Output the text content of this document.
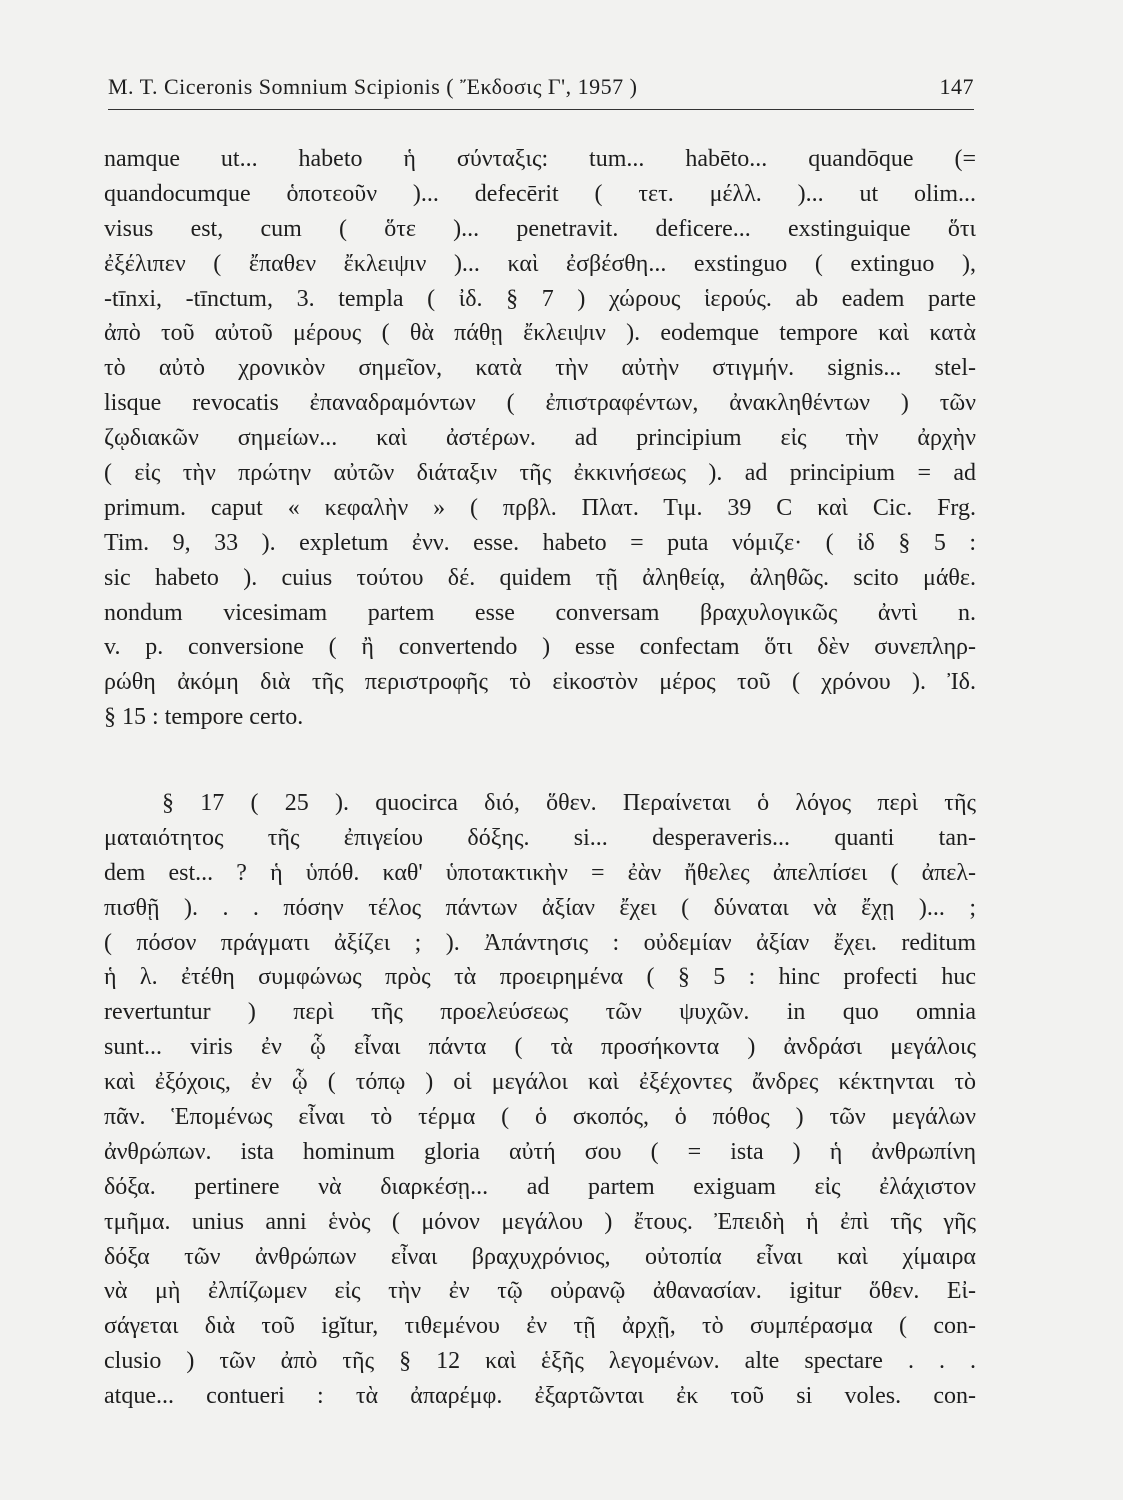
M. T. Ciceronis Somnium Scipionis ( Ἔκδοσις Γ', 1957 )	147
namque ut... habeto ἡ σύνταξις: tum... habēto... quandōque (=
quandocumque ὁποτεοῦν )... defecērit ( τετ. μέλλ. )... ut olim...
visus est, cum ( ὅτε )... penetravit. deficere... exstinguique ὅτι
ἐξέλιπεν ( ἔπαθεν ἔκλειψιν )... καὶ ἐσβέσθη... exstinguo ( extinguo ),
-tīnxi, -tīnctum, 3. templa ( ἰδ. § 7 ) χώρους ἱερούς. ab eadem parte
ἀπὸ τοῦ αὐτοῦ μέρους ( θὰ πάθῃ ἔκλειψιν ). eodemque tempore καὶ κατὰ
τὸ αὐτὸ χρονικὸν σημεῖον, κατὰ τὴν αὐτὴν στιγμήν. signis... stel-
lisque revocatis ἐπαναδραμόντων ( ἐπιστραφέντων, ἀνακληθέντων ) τῶν
ζῳδιακῶν σημείων... καὶ ἀστέρων. ad principium εἰς τὴν ἀρχὴν
( εἰς τὴν πρώτην αὐτῶν διάταξιν τῆς ἐκκινήσεως ). ad principium = ad
primum. caput « κεφαλὴν » ( πρβλ. Πλατ. Τιμ. 39 C καὶ Cic. Frg.
Tim. 9, 33 ). expletum ἐνν. esse. habeto = puta νόμιζε· ( ἰδ § 5 :
sic habeto ). cuius τούτου δέ. quidem τῇ ἀληθείᾳ, ἀληθῶς. scito μάθε.
nondum vicesimam partem esse conversam βραχυλογικῶς ἀντὶ n.
v. p. conversione ( ἢ convertendo ) esse confectam ὅτι δὲν συνεπληρ-
ρώθη ἀκόμη διὰ τῆς περιστροφῆς τὸ εἰκοστὸν μέρος τοῦ ( χρόνου ). Ἰδ.
§ 15 : tempore certo.
§ 17 ( 25 ). quocirca διό, ὅθεν. Περαίνεται ὁ λόγος περὶ τῆς
ματαιότητος τῆς ἐπιγείου δόξης. si... desperaveris... quanti tan-
dem est... ? ἡ ὑπόθ. καθ' ὑποτακτικὴν = ἐὰν ἤθελες ἀπελπίσει ( ἀπελ-
πισθῇ ). . . πόσην τέλος πάντων ἀξίαν ἔχει ( δύναται νὰ ἔχῃ )... ;
( πόσον πράγματι ἀξίζει ; ). Ἀπάντησις : οὐδεμίαν ἀξίαν ἔχει. reditum
ἡ λ. ἐτέθη συμφώνως πρὸς τὰ προειρημένα ( § 5 : hinc profecti huc
revertuntur ) περὶ τῆς προελεύσεως τῶν ψυχῶν. in quo omnia
sunt... viris ἐν ᾧ εἶναι πάντα ( τὰ προσήκοντα ) ἀνδράσι μεγάλοις
καὶ ἐξόχοις, ἐν ᾧ ( τόπῳ ) οἱ μεγάλοι καὶ ἐξέχοντες ἄνδρες κέκτηνται τὸ
πᾶν. Ἑπομένως εἶναι τὸ τέρμα ( ὁ σκοπός, ὁ πόθος ) τῶν μεγάλων
ἀνθρώπων. ista hominum gloria αὐτή σου ( = ista ) ἡ ἀνθρωπίνη
δόξα. pertinere νὰ διαρκέσῃ... ad partem exiguam εἰς ἐλάχιστον
τμῆμα. unius anni ἑνὸς ( μόνον μεγάλου ) ἔτους. Ἐπειδὴ ἡ ἐπὶ τῆς γῆς
δόξα τῶν ἀνθρώπων εἶναι βραχυχρόνιος, οὐτοπία εἶναι καὶ χίμαιρα
νὰ μὴ ἐλπίζωμεν εἰς τὴν ἐν τῷ οὐρανῷ ἀθανασίαν. igitur ὅθεν. Εἰ-
σάγεται διὰ τοῦ igĭtur, τιθεμένου ἐν τῇ ἀρχῇ, τὸ συμπέρασμα ( con-
clusio ) τῶν ἀπὸ τῆς § 12 καὶ ἑξῆς λεγομένων. alte spectare . . .
atque... contueri : τὰ ἀπαρέμφ. ἐξαρτῶνται ἐκ τοῦ si voles. con-
